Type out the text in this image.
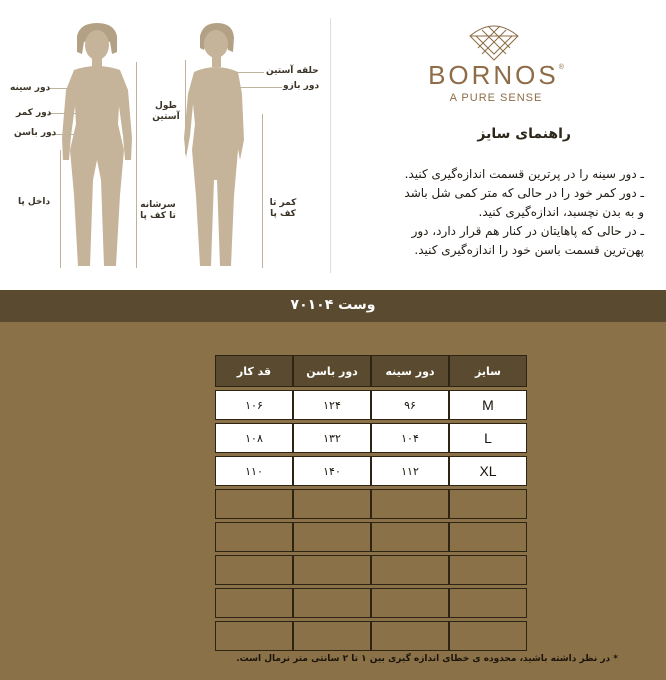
دور سینه
دور کمر
دور باسن
داخل پا	سرشانه
تا کف پا
طول
آستین
حلقه آستین
دور بازو
کمر تا
کف پا
BORNOS®
A PURE SENSE
راهنمای سایز

ـ دور سینه را در پرترین قسمت اندازه‌گیری کنید.

ـ دور کمر خود را در حالی که متر کمی شل باشد

و به بدن نچسبد، اندازه‌گیری کنید.

ـ در حالی که پاهایتان در کنار هم قرار دارد، دور

پهن‌ترین قسمت باسن خود را اندازه‌گیری کنید.

وست ۷۰۱۰۴
قد کار	دور باسن	دور سینه	سایز

۱۰۶	۱۲۴	۹۶	M

۱۰۸	۱۳۲	۱۰۴	L

۱۱۰	۱۴۰	۱۱۲	XL

* در نظر داشته باشید، محدوده ی خطای اندازه گیری بین ۱ تا ۲ سانتی متر نرمال است.
